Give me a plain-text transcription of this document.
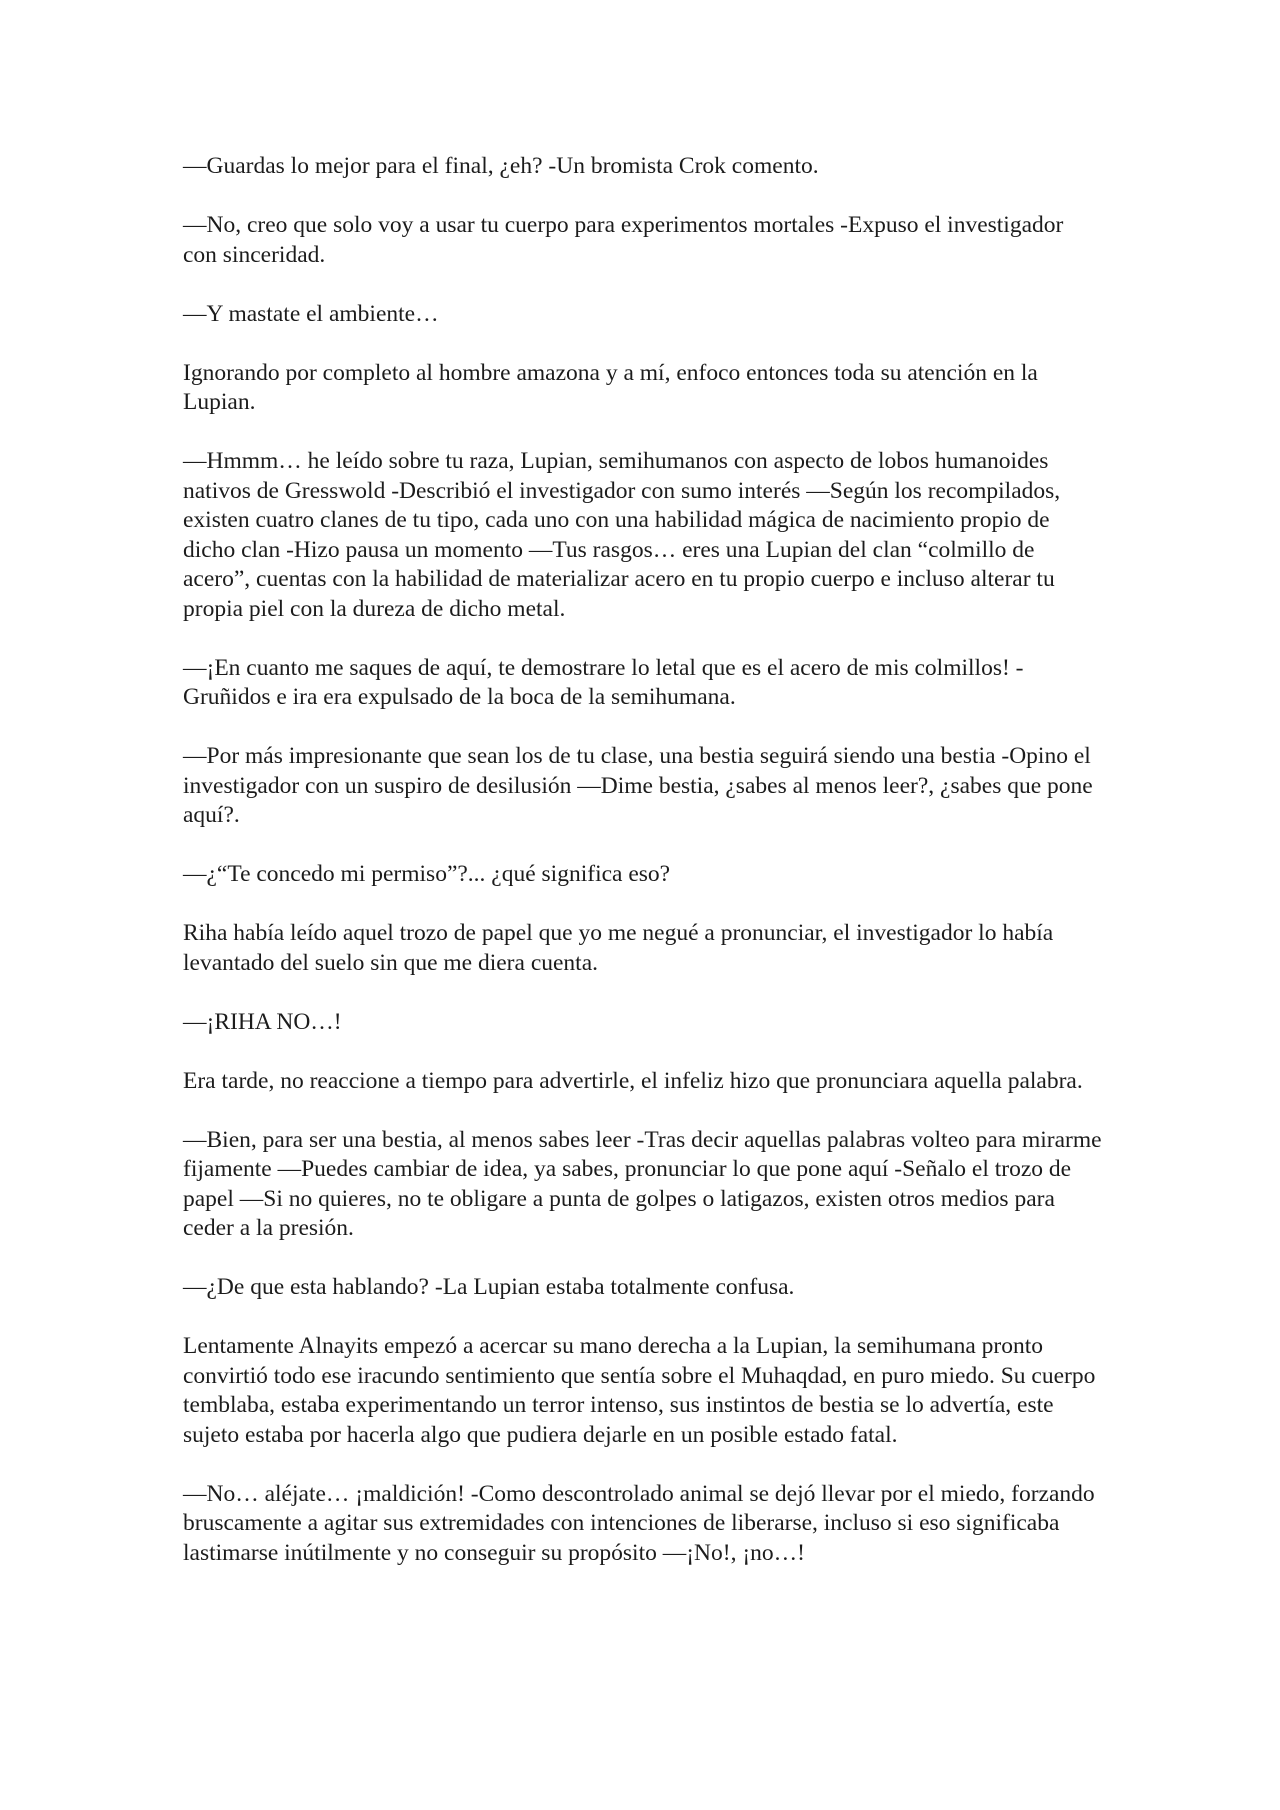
—Guardas lo mejor para el final, ¿eh? -Un bromista Crok comento.

—No, creo que solo voy a usar tu cuerpo para experimentos mortales -Expuso el investigador con sinceridad.

—Y mastate el ambiente…

Ignorando por completo al hombre amazona y a mí, enfoco entonces toda su atención en la Lupian.

—Hmmm… he leído sobre tu raza, Lupian, semihumanos con aspecto de lobos humanoides nativos de Gresswold -Describió el investigador con sumo interés —Según los recompilados, existen cuatro clanes de tu tipo, cada uno con una habilidad mágica de nacimiento propio de dicho clan -Hizo pausa un momento —Tus rasgos… eres una Lupian del clan “colmillo de acero”, cuentas con la habilidad de materializar acero en tu propio cuerpo e incluso alterar tu propia piel con la dureza de dicho metal.

—¡En cuanto me saques de aquí, te demostrare lo letal que es el acero de mis colmillos! -Gruñidos e ira era expulsado de la boca de la semihumana.

—Por más impresionante que sean los de tu clase, una bestia seguirá siendo una bestia -Opino el investigador con un suspiro de desilusión —Dime bestia, ¿sabes al menos leer?, ¿sabes que pone aquí?.

—¿“Te concedo mi permiso”?... ¿qué significa eso?

Riha había leído aquel trozo de papel que yo me negué a pronunciar, el investigador lo había levantado del suelo sin que me diera cuenta.

—¡RIHA NO…!

Era tarde, no reaccione a tiempo para advertirle, el infeliz hizo que pronunciara aquella palabra.

—Bien, para ser una bestia, al menos sabes leer -Tras decir aquellas palabras volteo para mirarme fijamente —Puedes cambiar de idea, ya sabes, pronunciar lo que pone aquí -Señalo el trozo de papel —Si no quieres, no te obligare a punta de golpes o latigazos, existen otros medios para ceder a la presión.

—¿De que esta hablando? -La Lupian estaba totalmente confusa.

Lentamente Alnayits empezó a acercar su mano derecha a la Lupian, la semihumana pronto convirtió todo ese iracundo sentimiento que sentía sobre el Muhaqdad, en puro miedo. Su cuerpo temblaba, estaba experimentando un terror intenso, sus instintos de bestia se lo advertía, este sujeto estaba por hacerla algo que pudiera dejarle en un posible estado fatal.

—No… aléjate… ¡maldición! -Como descontrolado animal se dejó llevar por el miedo, forzando bruscamente a agitar sus extremidades con intenciones de liberarse, incluso si eso significaba lastimarse inútilmente y no conseguir su propósito —¡No!, ¡no…!
